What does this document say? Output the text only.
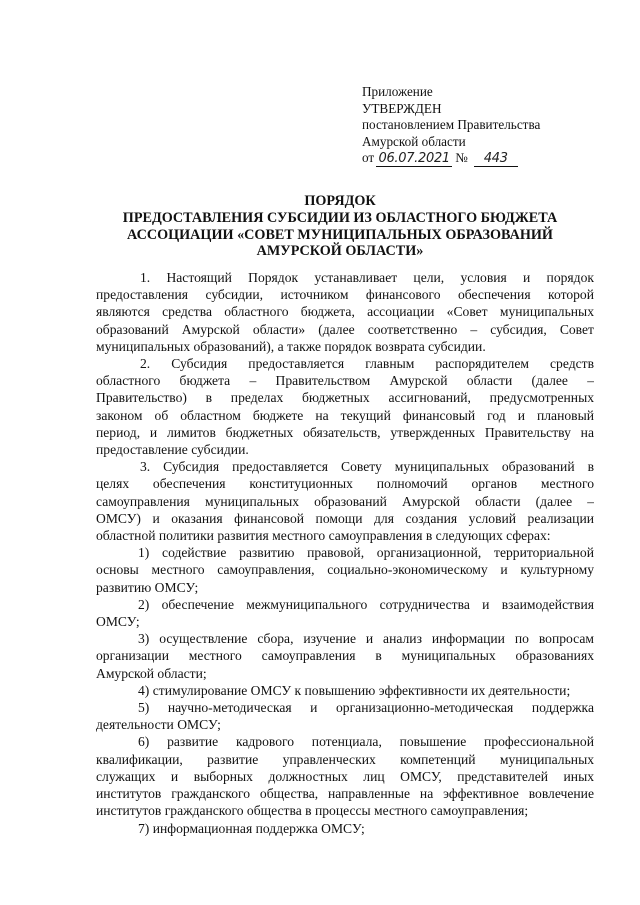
Приложение
УТВЕРЖДЕН
постановлением Правительства
Амурской области
от 06.07.2021 №	443
ПОРЯДОК
ПРЕДОСТАВЛЕНИЯ СУБСИДИИ ИЗ ОБЛАСТНОГО БЮДЖЕТА
АССОЦИАЦИИ «СОВЕТ МУНИЦИПАЛЬНЫХ ОБРАЗОВАНИЙ
АМУРСКОЙ ОБЛАСТИ»
1. Настоящий Порядок устанавливает цели, условия и порядок
предоставления субсидии, источником финансового обеспечения которой
являются средства областного бюджета, ассоциации «Совет муниципальных
образований Амурской области» (далее соответственно – субсидия, Совет
муниципальных образований), а также порядок возврата субсидии.
2. Субсидия предоставляется главным распорядителем средств
областного бюджета – Правительством Амурской области (далее –
Правительство) в пределах бюджетных ассигнований, предусмотренных
законом об областном бюджете на текущий финансовый год и плановый
период, и лимитов бюджетных обязательств, утвержденных Правительству на
предоставление субсидии.
3. Субсидия предоставляется Совету муниципальных образований в
целях обеспечения конституционных полномочий органов местного
самоуправления муниципальных образований Амурской области (далее –
ОМСУ) и оказания финансовой помощи для создания условий реализации
областной политики развития местного самоуправления в следующих сферах:
1) содействие развитию правовой, организационной, территориальной
основы местного самоуправления, социально-экономическому и культурному
развитию ОМСУ;
2) обеспечение межмуниципального сотрудничества и взаимодействия
ОМСУ;
3) осуществление сбора, изучение и анализ информации по вопросам
организации местного самоуправления в муниципальных образованиях
Амурской области;
4) стимулирование ОМСУ к повышению эффективности их деятельности;
5) научно-методическая и организационно-методическая поддержка
деятельности ОМСУ;
6) развитие кадрового потенциала, повышение профессиональной
квалификации, развитие управленческих компетенций муниципальных
служащих и выборных должностных лиц ОМСУ, представителей иных
институтов гражданского общества, направленные на эффективное вовлечение
институтов гражданского общества в процессы местного самоуправления;
7) информационная поддержка ОМСУ;
